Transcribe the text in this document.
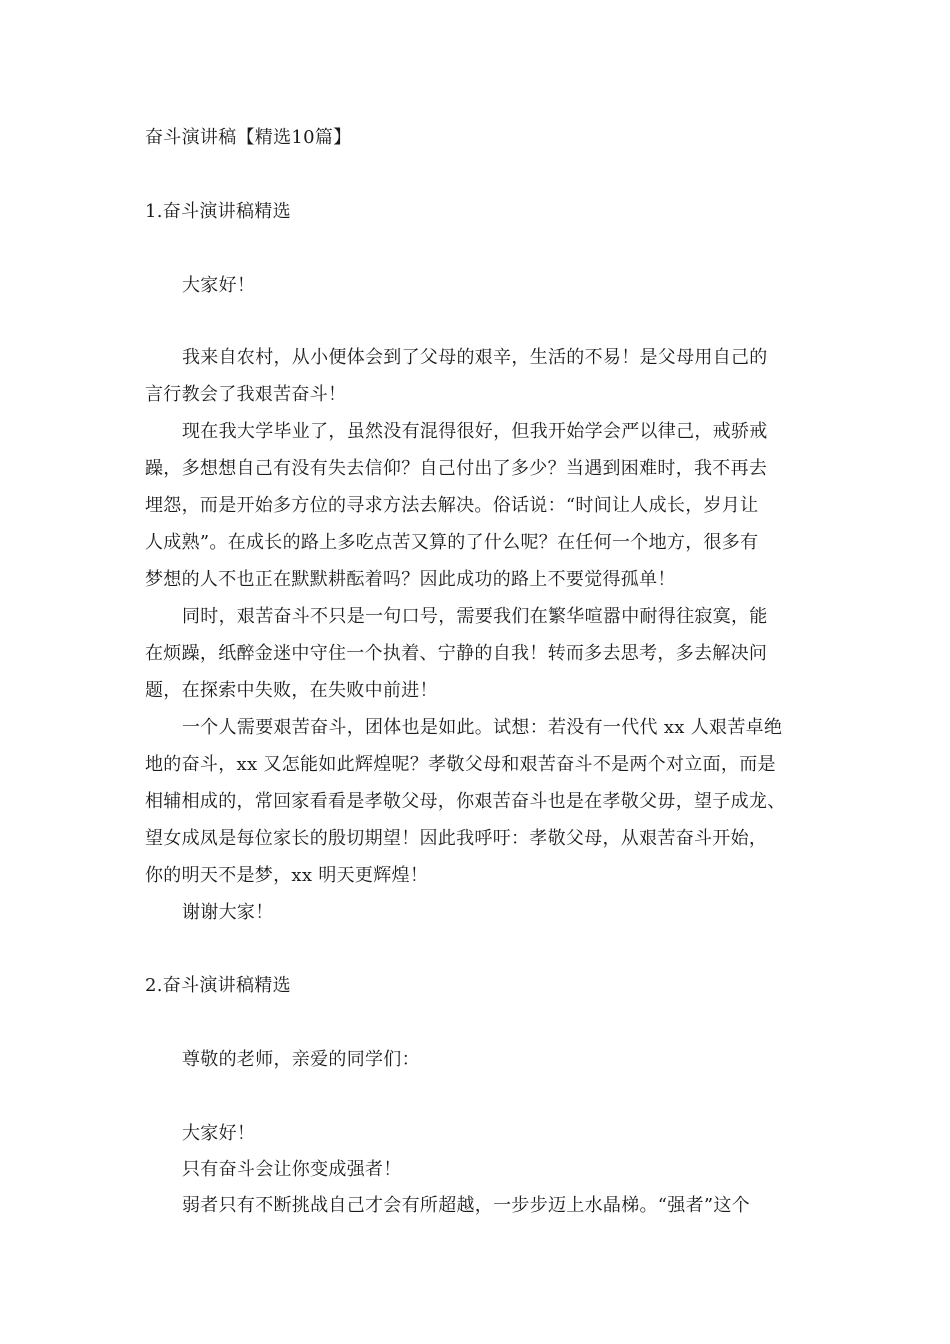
奋斗演讲稿【精选10篇】
1.奋斗演讲稿精选
大家好！
我来自农村，从小便体会到了父母的艰辛，生活的不易！是父母用自己的
言行教会了我艰苦奋斗！
现在我大学毕业了，虽然没有混得很好，但我开始学会严以律己，戒骄戒
躁，多想想自己有没有失去信仰？自己付出了多少？当遇到困难时，我不再去
埋怨，而是开始多方位的寻求方法去解决。俗话说：“时间让人成长，岁月让
人成熟”。在成长的路上多吃点苦又算的了什么呢？在任何一个地方，很多有
梦想的人不也正在默默耕酝着吗？因此成功的路上不要觉得孤单！
同时，艰苦奋斗不只是一句口号，需要我们在繁华喧嚣中耐得往寂寞，能
在烦躁，纸醉金迷中守住一个执着、宁静的自我！转而多去思考，多去解决问
题，在探索中失败，在失败中前进！
一个人需要艰苦奋斗，团体也是如此。试想：若没有一代代 xx 人艰苦卓绝
地的奋斗，xx 又怎能如此辉煌呢？孝敬父母和艰苦奋斗不是两个对立面，而是
相辅相成的，常回家看看是孝敬父母，你艰苦奋斗也是在孝敬父毋，望子成龙、
望女成凤是每位家长的殷切期望！因此我呼吁：孝敬父母，从艰苦奋斗开始，
你的明天不是梦，xx 明天更辉煌！
谢谢大家！
2.奋斗演讲稿精选
尊敬的老师，亲爱的同学们：
大家好！
只有奋斗会让你变成强者！
弱者只有不断挑战自己才会有所超越，一步步迈上水晶梯。“强者”这个
